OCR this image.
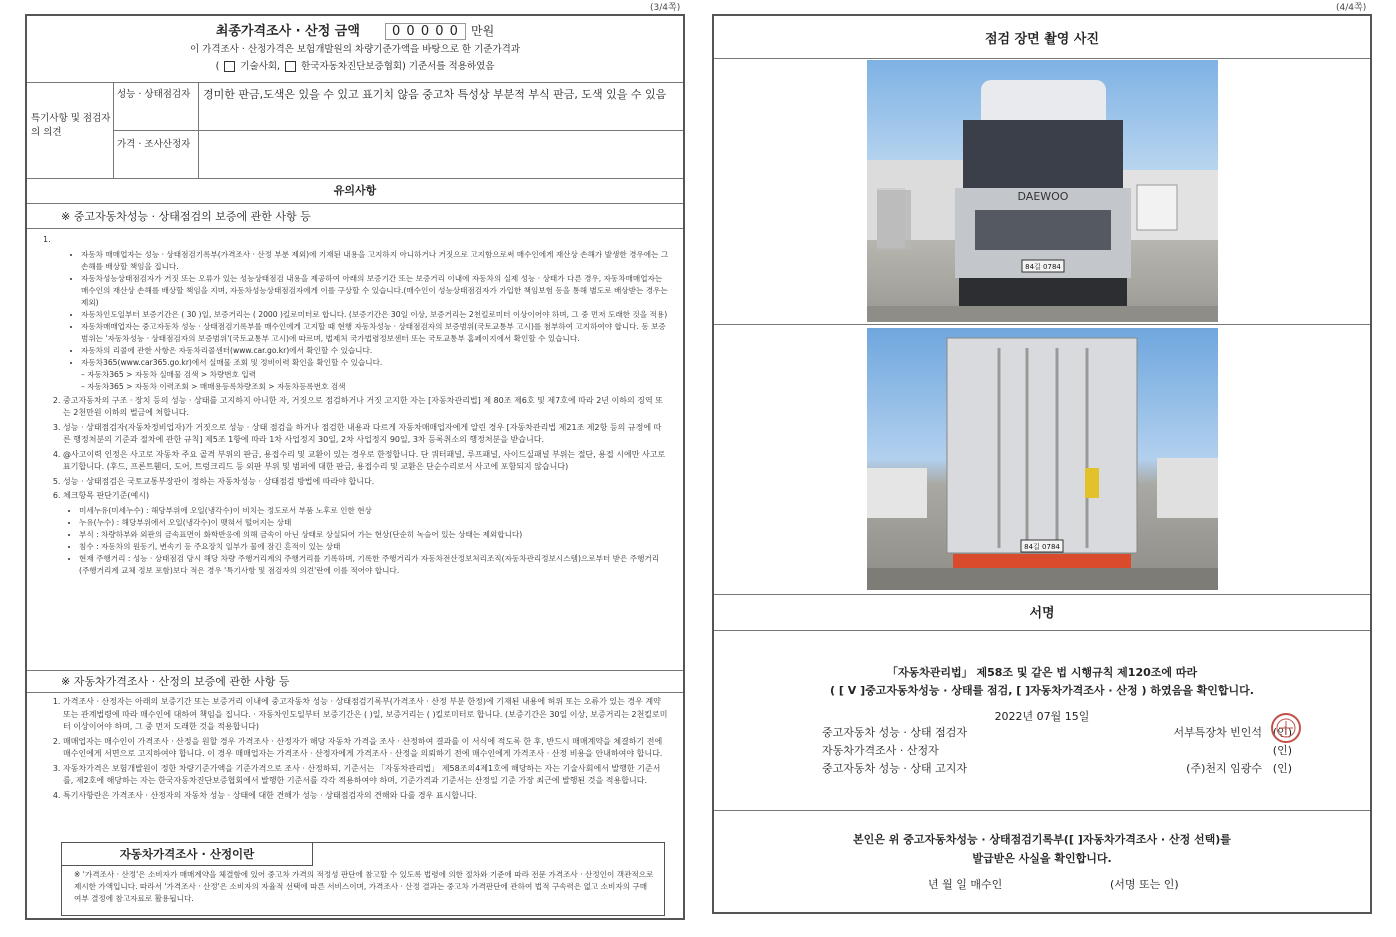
(3/4쪽)	(4/4쪽)
최종가격조사 · 산정 금액 0 0 0 0 0 만원
이 가격조사 · 산정가격은 보험개발원의 차량기준가액을 바탕으로 한 기준가격과
( 기술사회, 한국자동차진단보증협회) 기준서를 적용하였음
특기사항 및 점검자의 의견
성능 · 상태점검자	경미한 판금,도색은 있을 수 있고 표기치 않음 중고차 특성상 부분적 부식 판금, 도색 있을 수 있음
가격 · 조사산정자
유의사항
※ 중고자동차성능 · 상태점검의 보증에 관한 사항 등
1.
• 자동차 매매업자는 성능 · 상태점검기록부(가격조사 · 산정 부분 제외)에 기재된 내용을 고지하지 아니하거나 거짓으로 고지함으로써 매수인에게 재산상 손해가 발생한 경우에는 그 손해를 배상할 책임을 집니다.
• 자동차성능상태점검자가 거짓 또는 오류가 있는 성능상태점검 내용을 제공하여 아래의 보증기간 또는 보증거리 이내에 자동차의 실제 성능 · 상태가 다른 경우, 자동차매매업자는 매수인의 재산상 손해를 배상할 책임을 지며, 자동차성능상태점검자에게 이를 구상할 수 있습니다.(매수인이 성능상태점검자가 가입한 책임보험 등을 통해 별도로 배상받는 경우는 제외)
• 자동차인도일부터 보증기간은 ( 30 )일, 보증거리는 ( 2000 )킬로미터로 합니다. (보증기간은 30일 이상, 보증거리는 2천킬로미터 이상이어야 하며, 그 중 먼저 도래한 것을 적용)
• 자동차매매업자는 중고자동차 성능 · 상태점검기록부를 매수인에게 고지할 때 현행 자동차성능 · 상태점검자의 보증범위(국토교통부 고시)를 첨부하여 고지하여야 합니다. 동 보증범위는 '자동차성능 · 상태점검자의 보증범위'(국토교통부 고시)에 따르며, 법제처 국가법령정보센터 또는 국토교통부 홈페이지에서 확인할 수 있습니다.
• 자동차의 리콜에 관한 사항은 자동차리콜센터(www.car.go.kr)에서 확인할 수 있습니다.
• 자동차365(www.car365.go.kr)에서 실매물 조회 및 정비이력 확인을 확인할 수 있습니다.
– 자동차365 > 자동차 실매물 검색 > 차량번호 입력
– 자동차365 > 자동차 이력조회 > 매매용등록차량조회 > 자동차등록번호 검색
2. 중고자동차의 구조 · 장치 등의 성능 · 상태를 고지하지 아니한 자, 거짓으로 점검하거나 거짓 고지한 자는 [자동차관리법] 제 80조 제6호 및 제7호에 따라 2년 이하의 징역 또는 2천만원 이하의 벌금에 처합니다.
3. 성능 · 상태점검자(자동차정비업자)가 거짓으로 성능 · 상태 점검을 하거나 점검한 내용과 다르게 자동차매매업자에게 알린 경우 [자동차관리법 제21조 제2항 등의 규정에 따른 행정처분의 기준과 절차에 관한 규칙] 제5조 1항에 따라 1차 사업정지 30일, 2차 사업정지 90일, 3차 등록취소의 행정처분을 받습니다.
4. @사고이력 인정은 사고로 자동차 주요 골격 부위의 판금, 용접수리 및 교환이 있는 경우로 한정합니다. 단 쿼터패널, 루프패널, 사이드실패널 부위는 절단, 용접 시에만 사고로 표기합니다. (후드, 프론트휀더, 도어, 트렁크리드 등 외판 부위 및 범퍼에 대한 판금, 용접수리 및 교환은 단순수리로서 사고에 포함되지 않습니다)
5. 성능 · 상태점검은 국토교통부장관이 정하는 자동차성능 · 상태점검 방법에 따라야 합니다.
6. 체크항목 판단기준(예시)
• 미세누유(미세누수) : 해당부위에 오일(냉각수)이 비치는 정도로서 부품 노후로 인한 현상
• 누유(누수) : 해당부위에서 오일(냉각수)이 맺혀서 떨어지는 상태
• 부식 : 차량하부와 외판의 금속표면이 화학반응에 의해 금속이 아닌 상태로 상실되어 가는 현상(단순히 녹슬어 있는 상태는 제외합니다)
• 침수 : 자동차의 원동기, 변속기 등 주요장치 일부가 물에 잠긴 흔적이 있는 상태
• 현재 주행거리 : 성능 · 상태점검 당시 해당 차량 주행거리계의 주행거리를 기록하며, 기록한 주행거리가 자동차전산정보처리조직(자동차관리정보시스템)으로부터 받은 주행거리(주행거리계 교체 정보 포함)보다 적은 경우 '특기사항 및 점검자의 의견'란에 이를 적어야 합니다.
※ 자동차가격조사 · 산정의 보증에 관한 사항 등
1. 가격조사 · 산정자는 아래의 보증기간 또는 보증거리 이내에 중고자동차 성능 · 상태점검기록부(가격조사 · 산정 부분 한정)에 기재된 내용에 허위 또는 오류가 있는 경우 계약 또는 관계법령에 따라 매수인에 대하여 책임을 집니다. · 자동차인도일부터 보증기간은 ( )일, 보증거리는 ( )킬로미터로 합니다. (보증기간은 30일 이상, 보증거리는 2천킬로미터 이상이어야 하며, 그 중 먼저 도래한 것을 적용합니다)
2. 매매업자는 매수인이 가격조사 · 산정을 원할 경우 가격조사 · 산정자가 해당 자동차 가격을 조사 · 산정하여 결과를 이 서식에 적도록 한 후, 반드시 매매계약을 체결하기 전에 매수인에게 서면으로 고지하여야 합니다. 이 경우 매매업자는 가격조사 · 산정자에게 가격조사 · 산정을 의뢰하기 전에 매수인에게 가격조사 · 산정 비용을 안내하여야 합니다.
3. 자동차가격은 보험개발원이 정한 차량기준가액을 기준가격으로 조사 · 산정하되, 기준서는 「자동차관리법」 제58조의4제1호에 해당하는 자는 기술사회에서 발행한 기준서를, 제2호에 해당하는 자는 한국자동차진단보증협회에서 발행한 기준서를 각각 적용하여야 하며, 기준가격과 기준서는 산정일 기준 가장 최근에 발행된 것을 적용합니다.
4. 특기사항란은 가격조사 · 산정자의 자동차 성능 · 상태에 대한 견해가 성능 · 상태점검자의 견해와 다를 경우 표시합니다.
자동차가격조사 · 산정이란
※ '가격조사 · 산정'은 소비자가 매매계약을 체결함에 있어 중고차 가격의 적정성 판단에 참고할 수 있도록 법령에 의한 절차와 기준에 따라 전문 가격조사 · 산정인이 객관적으로 제시한 가액입니다. 따라서 '가격조사 · 산정'은 소비자의 자율적 선택에 따른 서비스이며, 가격조사 · 산정 결과는 중고차 가격판단에 관하여 법적 구속력은 없고 소비자의 구매여부 결정에 참고자료로 활용됩니다.
점검 장면 촬영 사진
DAEWOO
84길 0784
84길 0784
서명
「자동차관리법」 제58조 및 같은 법 시행규칙 제120조에 따라
( [ V ]중고자동차성능 · 상태를 점검, [ ]자동차가격조사 · 산정 ) 하였음을 확인합니다.
2022년 07월 15일
중고자동차 성능 · 상태 점검자	서부특장차 빈인석 (인)
자동차가격조사 · 산정자	(인)
중고자동차 성능 · 상태 고지자	(주)천지 임광수 (인)
본인은 위 중고자동차성능 · 상태점검기록부([ ]자동차가격조사 · 산정 선택)를
발급받은 사실을 확인합니다.
년 월 일 매수인	(서명 또는 인)
